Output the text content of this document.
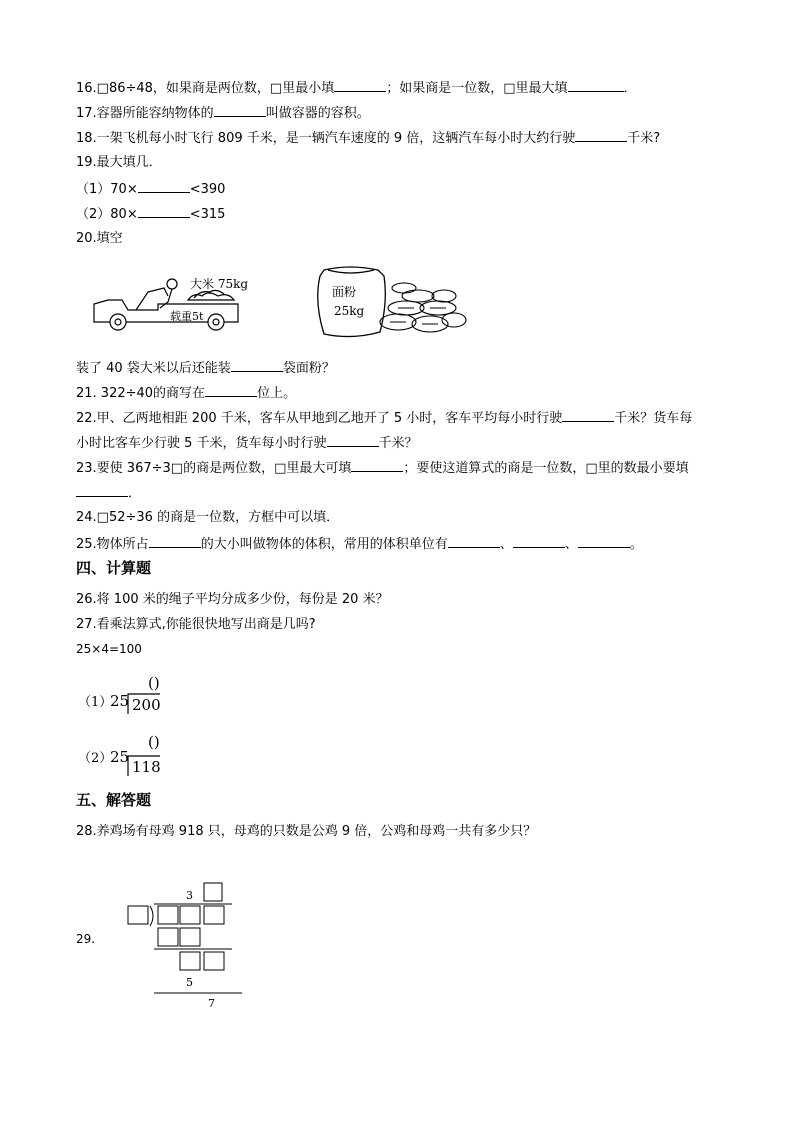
16.□86÷48，如果商是两位数，□里最小填	；如果商是一位数，□里最大填	．
17.容器所能容纳物体的	叫做容器的容积。
18.一架飞机每小时飞行 809 千米，是一辆汽车速度的 9 倍，这辆汽车每小时大约行驶	千米?
19.最大填几．
（1）70×	<390
（2）80×	<315
20.填空
大米 75kg
载重5t
面粉
25kg
装了 40 袋大米以后还能装	袋面粉？
21. 322÷40的商写在	位上。
22.甲、乙两地相距 200 千米，客车从甲地到乙地开了 5 小时，客车平均每小时行驶	千米？货车每
小时比客车少行驶 5 千米，货车每小时行驶	千米？
23.要使 367÷3□的商是两位数，□里最大可填	；要使这道算式的商是一位数，□里的数最小要填
．
24.□52÷36 的商是一位数，方框中可以填．
25.物体所占	的大小叫做物体的体积，常用的体积单位有	、	、	。
四、计算题
26.将 100 米的绳子平均分成多少份，每份是 20 米？
27.看乘法算式,你能很快地写出商是几吗?
25×4=100
（1）
25
()
200
（2）
25
()
118
五、解答题
28.养鸡场有母鸡 918 只，母鸡的只数是公鸡 9 倍，公鸡和母鸡一共有多少只？
29.
3
5
7
